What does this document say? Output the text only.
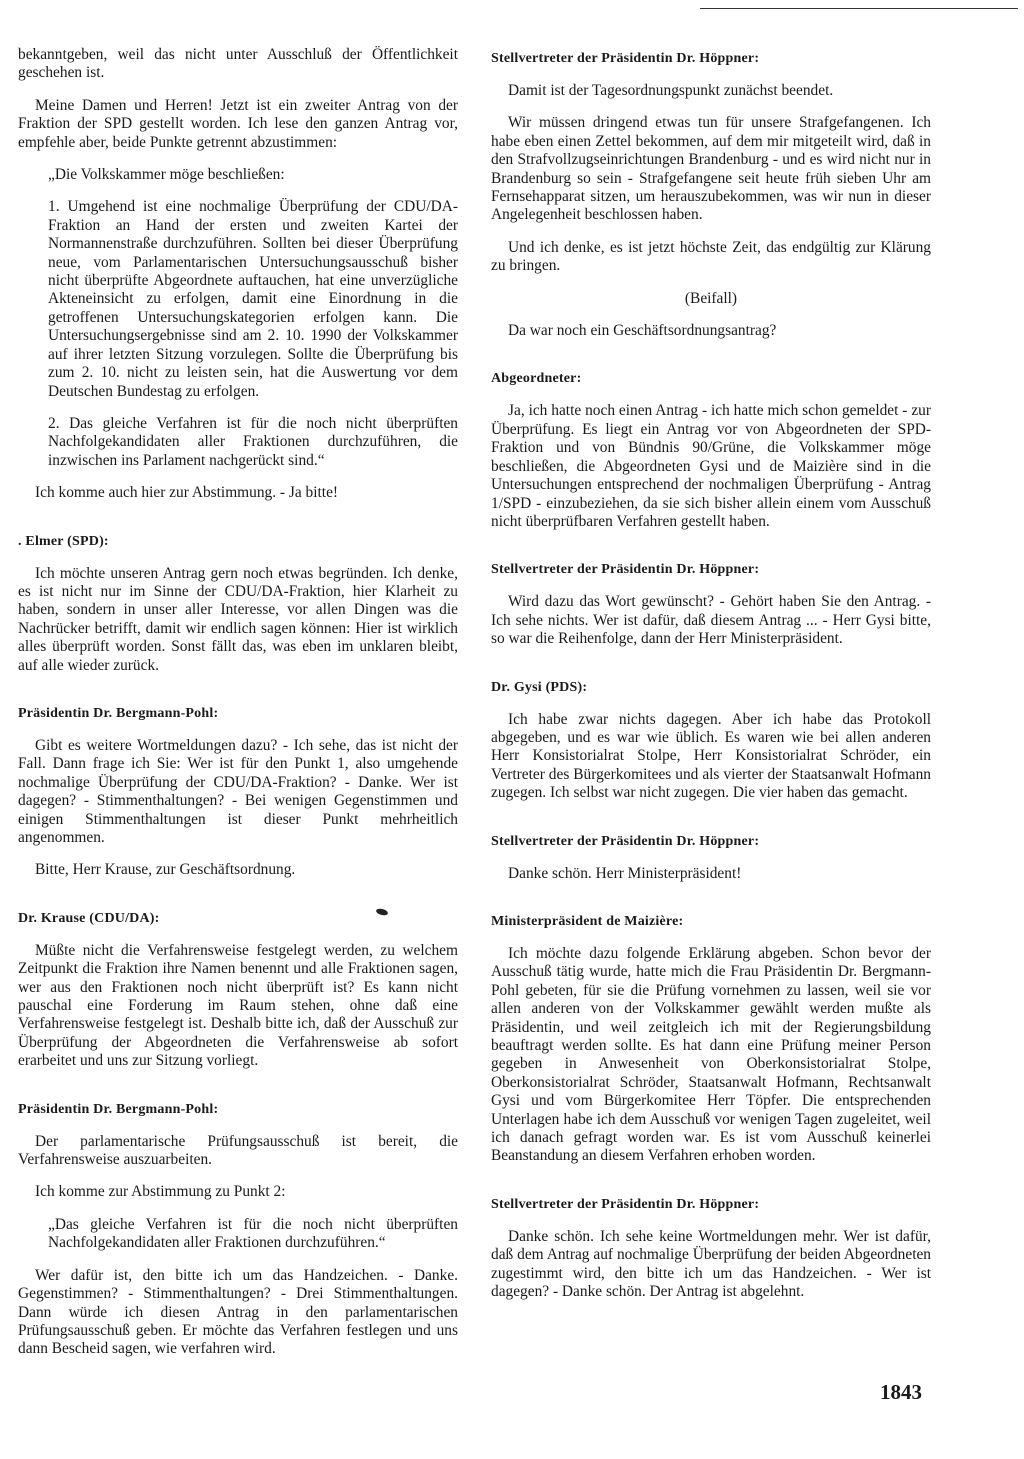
bekanntgeben, weil das nicht unter Ausschluß der Öffentlichkeit geschehen ist.

Meine Damen und Herren! Jetzt ist ein zweiter Antrag von der Fraktion der SPD gestellt worden. Ich lese den ganzen Antrag vor, empfehle aber, beide Punkte getrennt abzustimmen:

„Die Volkskammer möge beschließen:

1. Umgehend ist eine nochmalige Überprüfung der CDU/DA-Fraktion an Hand der ersten und zweiten Kartei der Normannenstraße durchzuführen. Sollten bei dieser Überprüfung neue, vom Parlamentarischen Untersuchungsausschuß bisher nicht überprüfte Abgeordnete auftauchen, hat eine unverzügliche Akteneinsicht zu erfolgen, damit eine Einordnung in die getroffenen Untersuchungskategorien erfolgen kann. Die Untersuchungsergebnisse sind am 2. 10. 1990 der Volkskammer auf ihrer letzten Sitzung vorzulegen. Sollte die Überprüfung bis zum 2. 10. nicht zu leisten sein, hat die Auswertung vor dem Deutschen Bundestag zu erfolgen.

2. Das gleiche Verfahren ist für die noch nicht überprüften Nachfolgekandidaten aller Fraktionen durchzuführen, die inzwischen ins Parlament nachgerückt sind.“

Ich komme auch hier zur Abstimmung. - Ja bitte!

. Elmer (SPD):

Ich möchte unseren Antrag gern noch etwas begründen. Ich denke, es ist nicht nur im Sinne der CDU/DA-Fraktion, hier Klarheit zu haben, sondern in unser aller Interesse, vor allen Dingen was die Nachrücker betrifft, damit wir endlich sagen können: Hier ist wirklich alles überprüft worden. Sonst fällt das, was eben im unklaren bleibt, auf alle wieder zurück.

Präsidentin Dr. Bergmann-Pohl:

Gibt es weitere Wortmeldungen dazu? - Ich sehe, das ist nicht der Fall. Dann frage ich Sie: Wer ist für den Punkt 1, also umgehende nochmalige Überprüfung der CDU/DA-Fraktion? - Danke. Wer ist dagegen? - Stimmenthaltungen? - Bei wenigen Gegenstimmen und einigen Stimmenthaltungen ist dieser Punkt mehrheitlich angenommen.

Bitte, Herr Krause, zur Geschäftsordnung.

Dr. Krause (CDU/DA):

Müßte nicht die Verfahrensweise festgelegt werden, zu welchem Zeitpunkt die Fraktion ihre Namen benennt und alle Fraktionen sagen, wer aus den Fraktionen noch nicht überprüft ist? Es kann nicht pauschal eine Forderung im Raum stehen, ohne daß eine Verfahrensweise festgelegt ist. Deshalb bitte ich, daß der Ausschuß zur Überprüfung der Abgeordneten die Verfahrensweise ab sofort erarbeitet und uns zur Sitzung vorliegt.

Präsidentin Dr. Bergmann-Pohl:

Der parlamentarische Prüfungsausschuß ist bereit, die Verfahrensweise auszuarbeiten.

Ich komme zur Abstimmung zu Punkt 2:

„Das gleiche Verfahren ist für die noch nicht überprüften Nachfolgekandidaten aller Fraktionen durchzuführen.“

Wer dafür ist, den bitte ich um das Handzeichen. - Danke. Gegenstimmen? - Stimmenthaltungen? - Drei Stimmenthaltungen. Dann würde ich diesen Antrag in den parlamentarischen Prüfungsausschuß geben. Er möchte das Verfahren festlegen und uns dann Bescheid sagen, wie verfahren wird.

Stellvertreter der Präsidentin Dr. Höppner:

Damit ist der Tagesordnungspunkt zunächst beendet.

Wir müssen dringend etwas tun für unsere Strafgefangenen. Ich habe eben einen Zettel bekommen, auf dem mir mitgeteilt wird, daß in den Strafvollzugseinrichtungen Brandenburg - und es wird nicht nur in Brandenburg so sein - Strafgefangene seit heute früh sieben Uhr am Fernsehapparat sitzen, um herauszubekommen, was wir nun in dieser Angelegenheit beschlossen haben.

Und ich denke, es ist jetzt höchste Zeit, das endgültig zur Klärung zu bringen.

(Beifall)

Da war noch ein Geschäftsordnungsantrag?

Abgeordneter:

Ja, ich hatte noch einen Antrag - ich hatte mich schon gemeldet - zur Überprüfung. Es liegt ein Antrag vor von Abgeordneten der SPD-Fraktion und von Bündnis 90/Grüne, die Volkskammer möge beschließen, die Abgeordneten Gysi und de Maizière sind in die Untersuchungen entsprechend der nochmaligen Überprüfung - Antrag 1/SPD - einzubeziehen, da sie sich bisher allein einem vom Ausschuß nicht überprüfbaren Verfahren gestellt haben.

Stellvertreter der Präsidentin Dr. Höppner:

Wird dazu das Wort gewünscht? - Gehört haben Sie den Antrag. - Ich sehe nichts. Wer ist dafür, daß diesem Antrag ... - Herr Gysi bitte, so war die Reihenfolge, dann der Herr Ministerpräsident.

Dr. Gysi (PDS):

Ich habe zwar nichts dagegen. Aber ich habe das Protokoll abgegeben, und es war wie üblich. Es waren wie bei allen anderen Herr Konsistorialrat Stolpe, Herr Konsistorialrat Schröder, ein Vertreter des Bürgerkomitees und als vierter der Staatsanwalt Hofmann zugegen. Ich selbst war nicht zugegen. Die vier haben das gemacht.

Stellvertreter der Präsidentin Dr. Höppner:

Danke schön. Herr Ministerpräsident!

Ministerpräsident de Maizière:

Ich möchte dazu folgende Erklärung abgeben. Schon bevor der Ausschuß tätig wurde, hatte mich die Frau Präsidentin Dr. Bergmann-Pohl gebeten, für sie die Prüfung vornehmen zu lassen, weil sie vor allen anderen von der Volkskammer gewählt werden mußte als Präsidentin, und weil zeitgleich ich mit der Regierungsbildung beauftragt werden sollte. Es hat dann eine Prüfung meiner Person gegeben in Anwesenheit von Oberkonsistorialrat Stolpe, Oberkonsistorialrat Schröder, Staatsanwalt Hofmann, Rechtsanwalt Gysi und vom Bürgerkomitee Herr Töpfer. Die entsprechenden Unterlagen habe ich dem Ausschuß vor wenigen Tagen zugeleitet, weil ich danach gefragt worden war. Es ist vom Ausschuß keinerlei Beanstandung an diesem Verfahren erhoben worden.

Stellvertreter der Präsidentin Dr. Höppner:

Danke schön. Ich sehe keine Wortmeldungen mehr. Wer ist dafür, daß dem Antrag auf nochmalige Überprüfung der beiden Abgeordneten zugestimmt wird, den bitte ich um das Handzeichen. - Wer ist dagegen? - Danke schön. Der Antrag ist abgelehnt.

1843
